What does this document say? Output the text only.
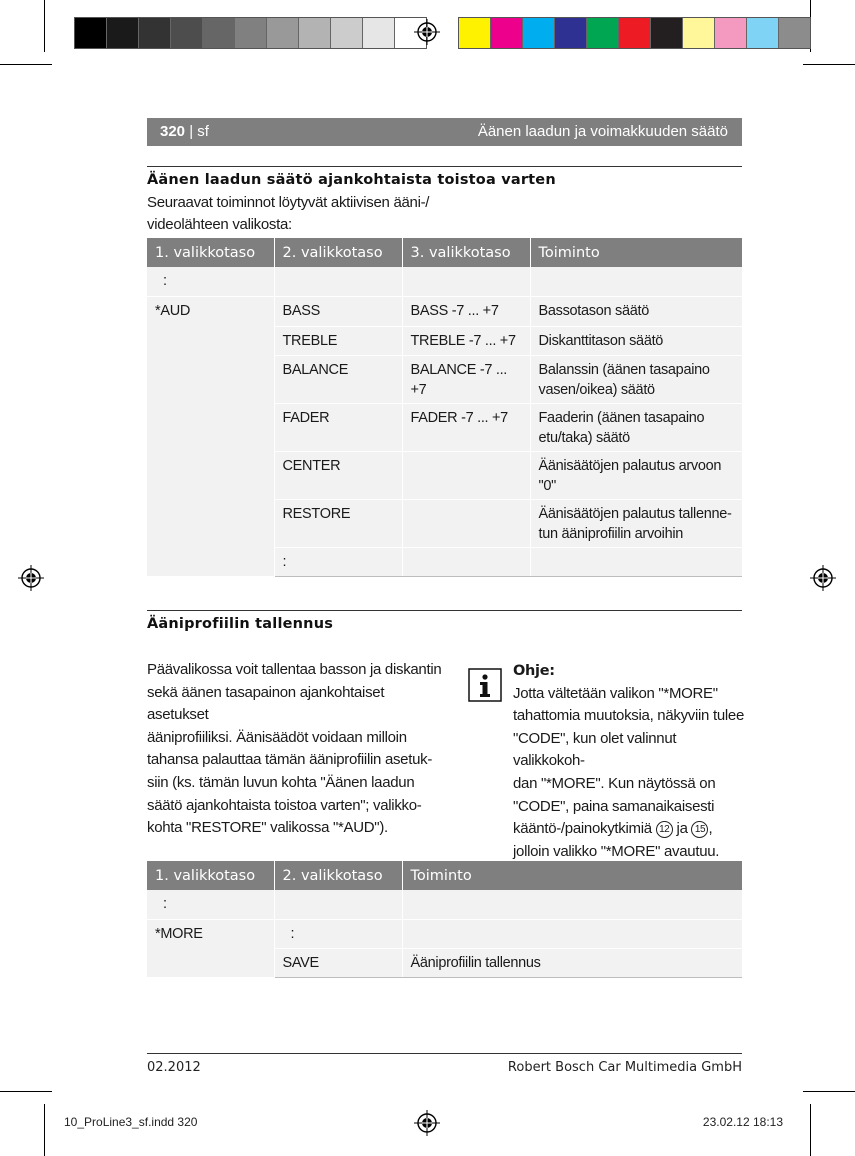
320 | sf	Äänen laadun ja voimakkuuden säätö
Äänen laadun säätö ajankohtaista toistoa varten
Seuraavat toiminnot löytyvät aktiivisen ääni-/
videolähteen valikosta:
1. valikkotaso	2. valikkotaso	3. valikkotaso	Toiminto
:			
*AUD	BASS	BASS -7 ... +7	Bassotason säätö
	TREBLE	TREBLE -7 ... +7	Diskanttitason säätö
	BALANCE	BALANCE -7 ... +7	Balanssin (äänen tasapaino vasen/oikea) säätö
	FADER	FADER -7 ... +7	Faaderin (äänen tasapaino etu/taka) säätö
	CENTER		Äänisäätöjen palautus arvoon "0"
	RESTORE		Äänisäätöjen palautus tallenne-tun ääniprofiilin arvoihin
	:		
Ääniprofiilin tallennus
Päävalikossa voit tallentaa basson ja diskantin
sekä äänen tasapainon ajankohtaiset asetukset
ääniprofiiliksi. Äänisäädöt voidaan milloin
tahansa palauttaa tämän ääniprofiilin asetuk-
siin (ks. tämän luvun kohta "Äänen laadun
säätö ajankohtaista toistoa varten"; valikko-
kohta "RESTORE" valikossa "*AUD").
Ohje:
Jotta vältetään valikon "*MORE"
tahattomia muutoksia, näkyviin tulee
"CODE", kun olet valinnut valikkokoh-
dan "*MORE". Kun näytössä on
"CODE", paina samanaikaisesti
kääntö-/painokytkimiä 12 ja 15 ,
jolloin valikko "*MORE" avautuu.
1. valikkotaso	2. valikkotaso	Toiminto
:		
*MORE	:	
	SAVE	Ääniprofiilin tallennus
02.2012	Robert Bosch Car Multimedia GmbH
10_ProLine3_sf.indd 320	23.02.12 18:13
